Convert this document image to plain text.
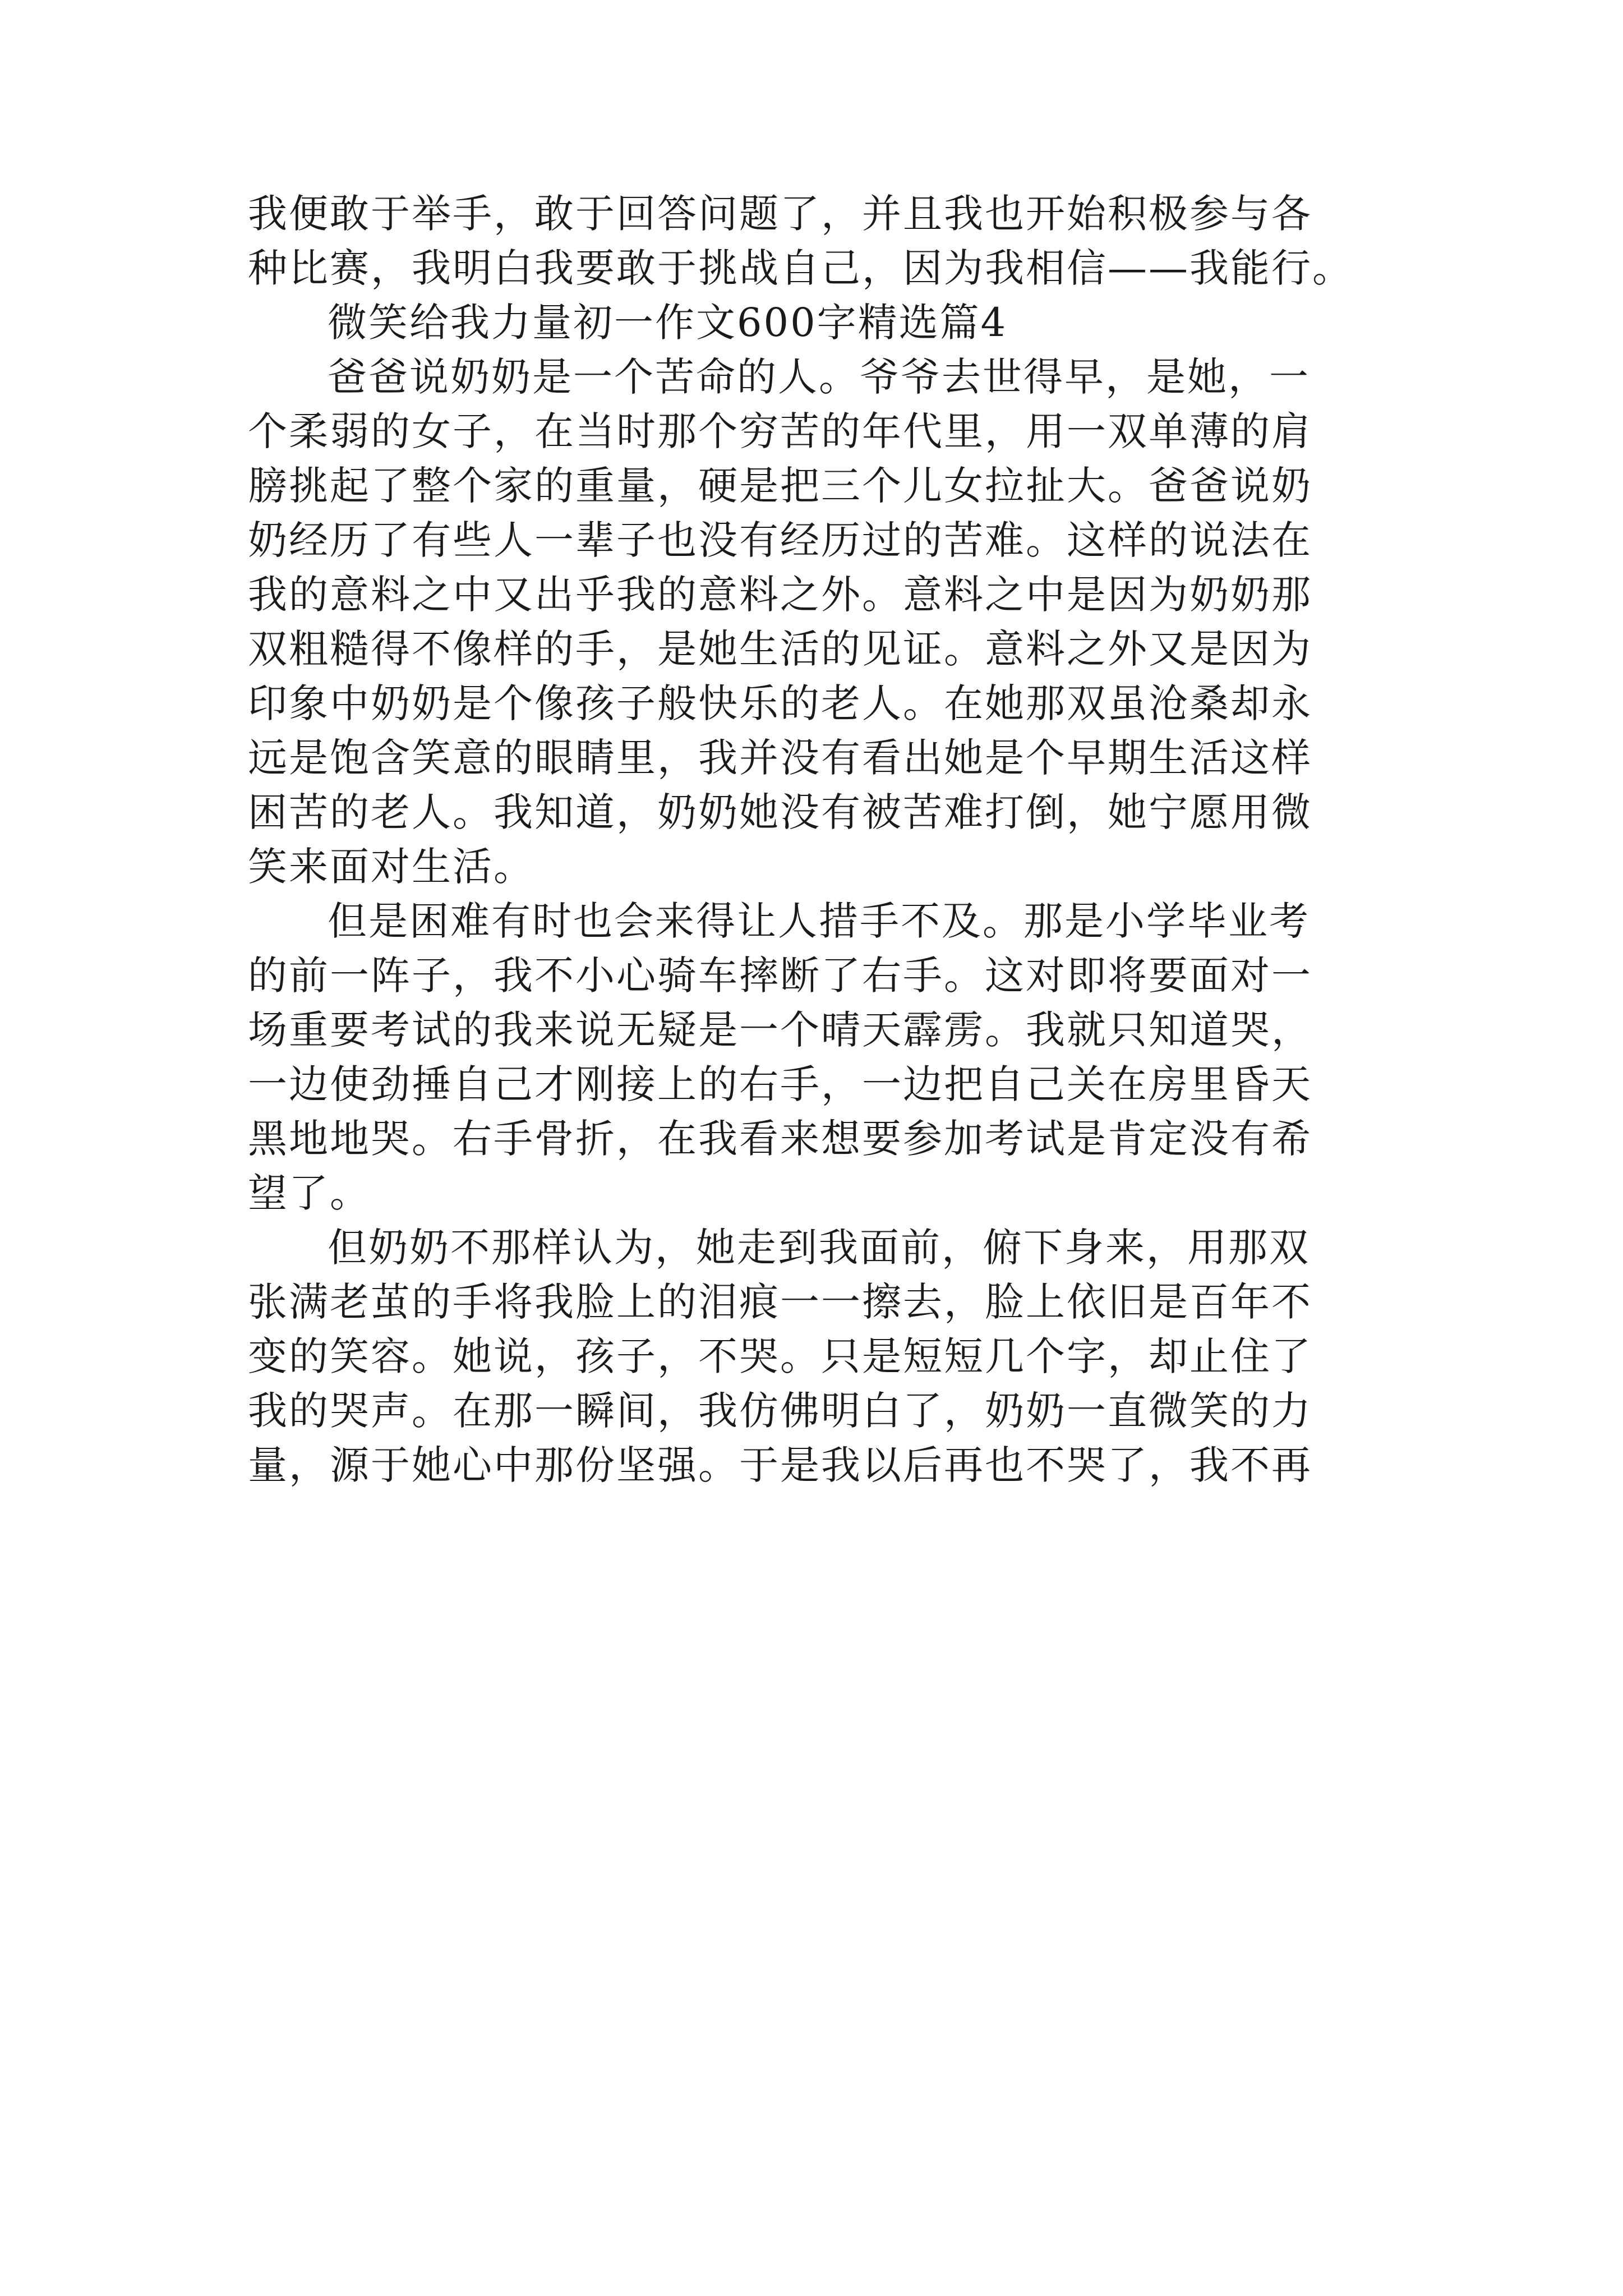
我便敢于举手，敢于回答问题了，并且我也开始积极参与各
种比赛，我明白我要敢于挑战自己，因为我相信——我能行。
微笑给我力量初一作文600字精选篇4
爸爸说奶奶是一个苦命的人。爷爷去世得早，是她，一
个柔弱的女子，在当时那个穷苦的年代里，用一双单薄的肩
膀挑起了整个家的重量，硬是把三个儿女拉扯大。爸爸说奶
奶经历了有些人一辈子也没有经历过的苦难。这样的说法在
我的意料之中又出乎我的意料之外。意料之中是因为奶奶那
双粗糙得不像样的手，是她生活的见证。意料之外又是因为
印象中奶奶是个像孩子般快乐的老人。在她那双虽沧桑却永
远是饱含笑意的眼睛里，我并没有看出她是个早期生活这样
困苦的老人。我知道，奶奶她没有被苦难打倒，她宁愿用微
笑来面对生活。
但是困难有时也会来得让人措手不及。那是小学毕业考
的前一阵子，我不小心骑车摔断了右手。这对即将要面对一
场重要考试的我来说无疑是一个晴天霹雳。我就只知道哭，
一边使劲捶自己才刚接上的右手，一边把自己关在房里昏天
黑地地哭。右手骨折，在我看来想要参加考试是肯定没有希
望了。
但奶奶不那样认为，她走到我面前，俯下身来，用那双
张满老茧的手将我脸上的泪痕一一擦去，脸上依旧是百年不
变的笑容。她说，孩子，不哭。只是短短几个字，却止住了
我的哭声。在那一瞬间，我仿佛明白了，奶奶一直微笑的力
量，源于她心中那份坚强。于是我以后再也不哭了，我不再
